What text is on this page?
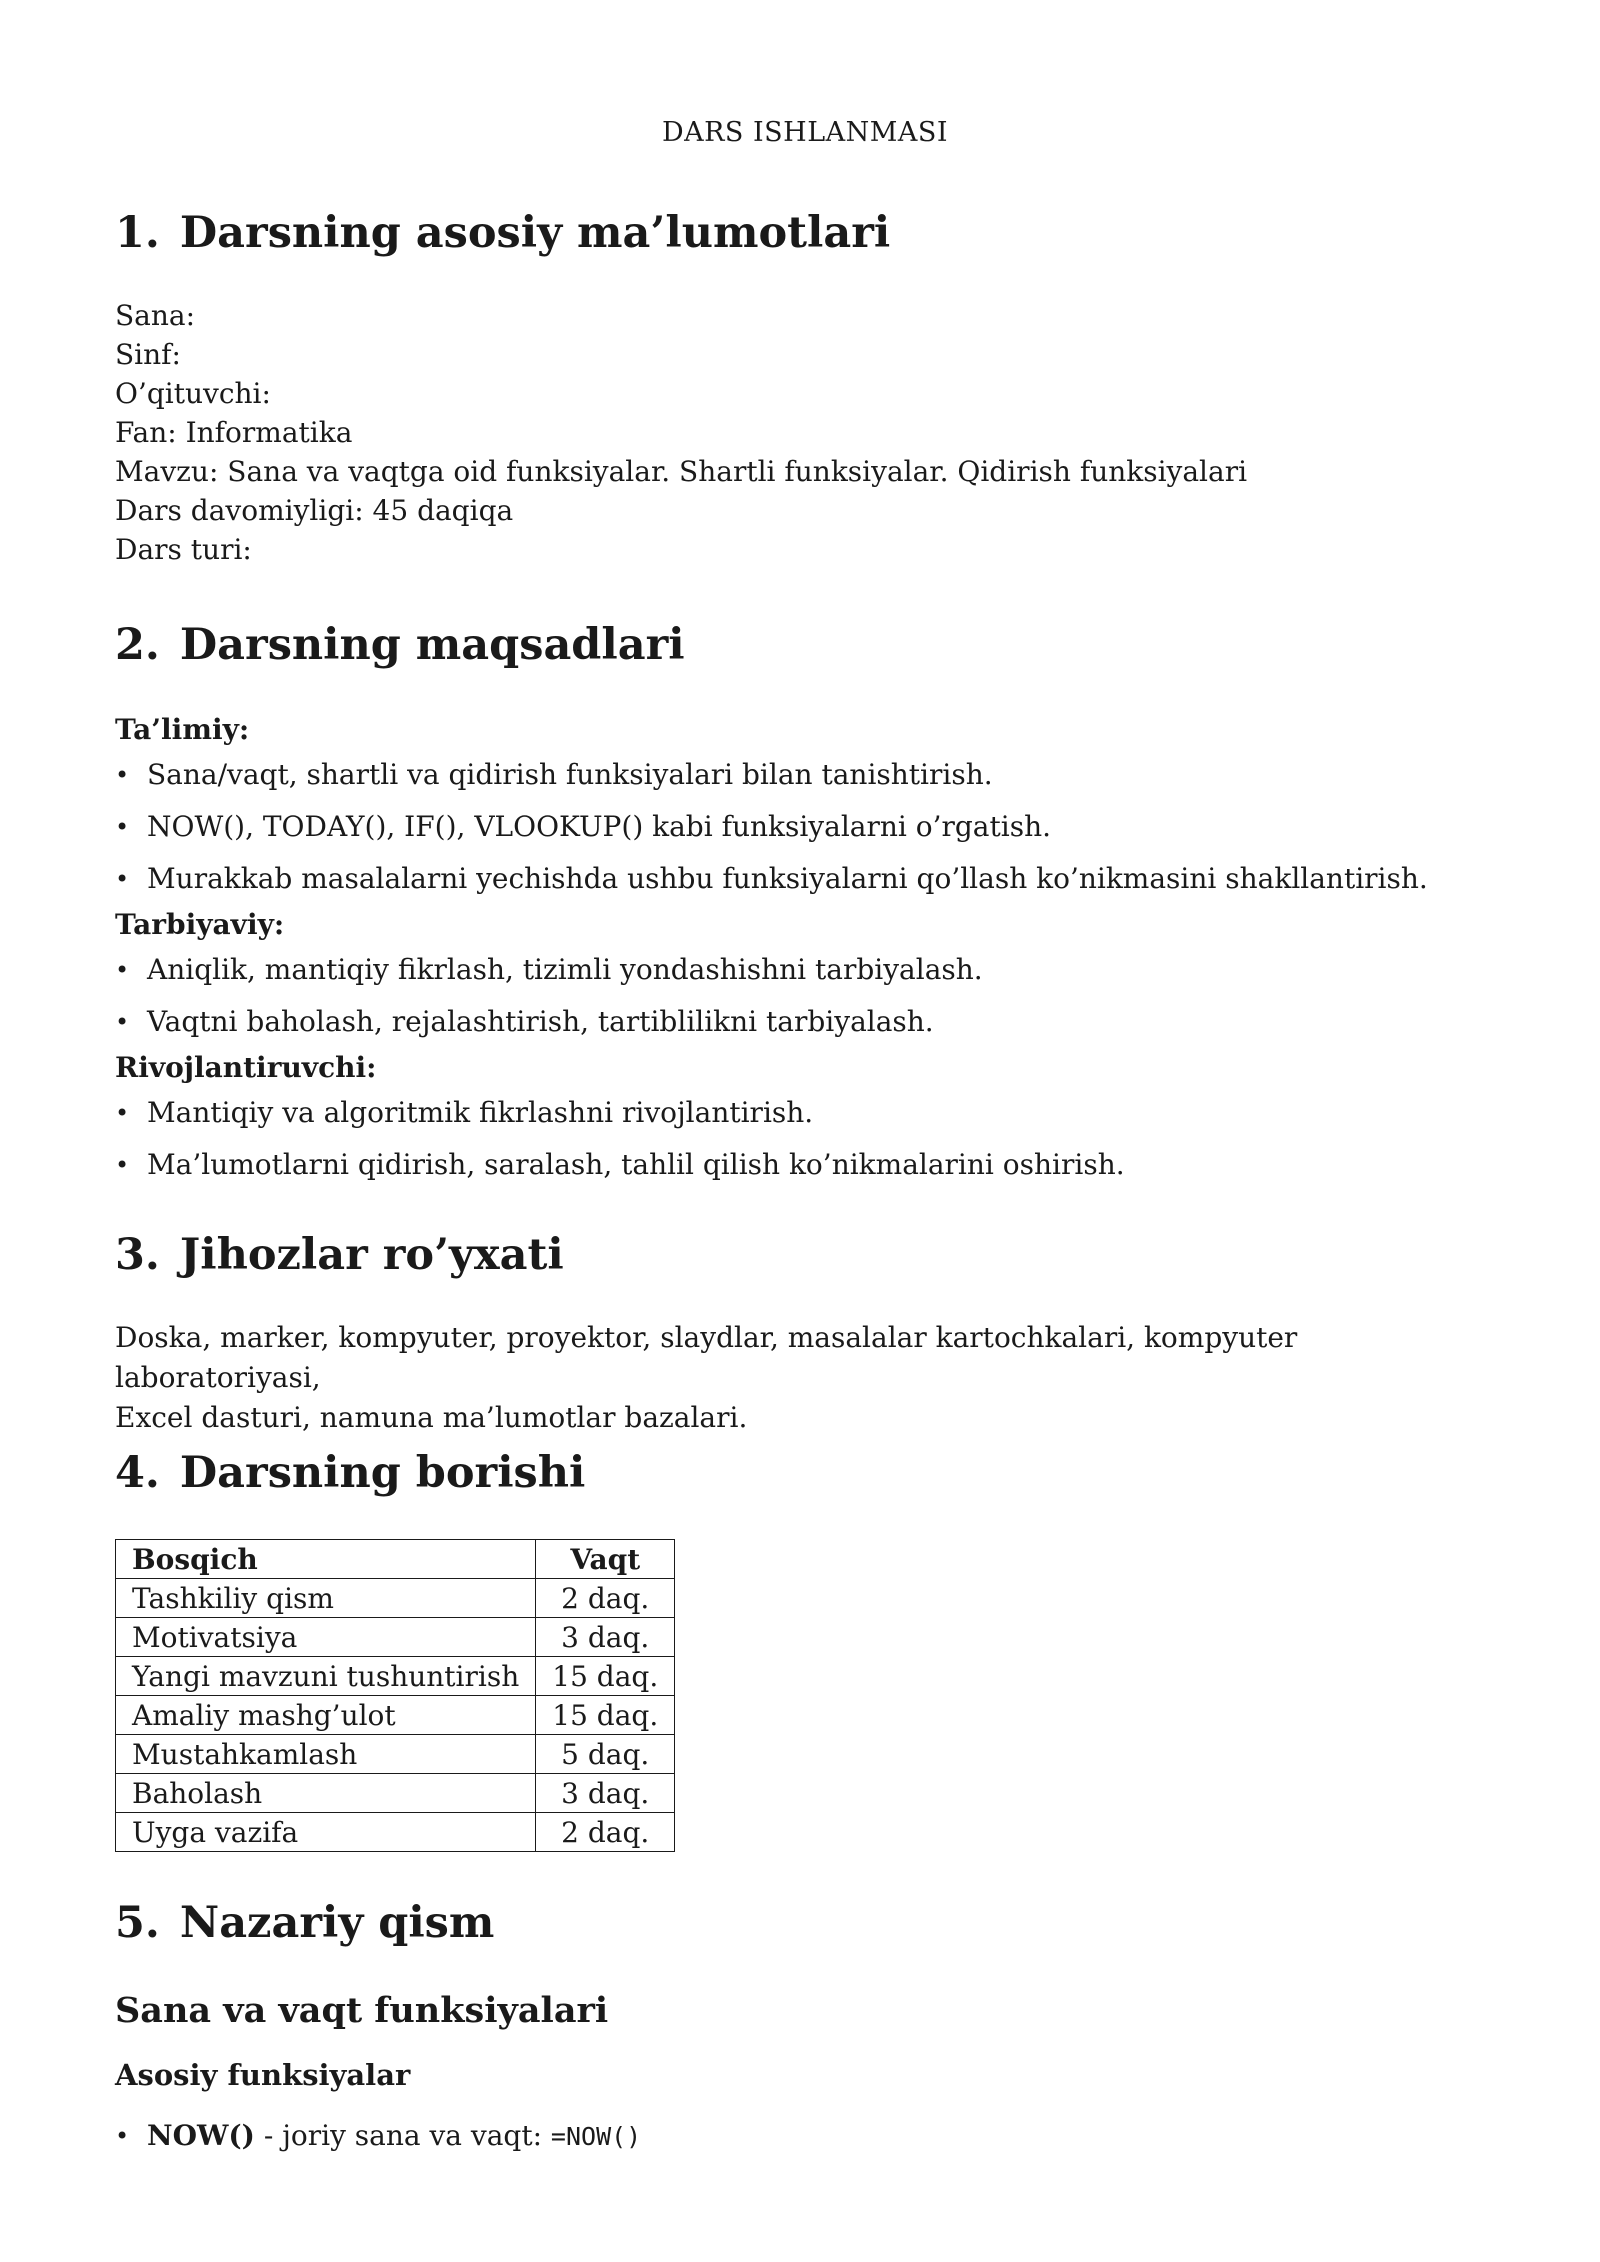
DARS ISHLANMASI
1. Darsning asosiy ma’lumotlari
Sana:
Sinf:
O’qituvchi:
Fan: Informatika
Mavzu: Sana va vaqtga oid funksiyalar. Shartli funksiyalar. Qidirish funksiyalari
Dars davomiyligi: 45 daqiqa
Dars turi:
2. Darsning maqsadlari
Ta’limiy:
• Sana/vaqt, shartli va qidirish funksiyalari bilan tanishtirish.
• NOW(), TODAY(), IF(), VLOOKUP() kabi funksiyalarni o’rgatish.
• Murakkab masalalarni yechishda ushbu funksiyalarni qo’llash ko’nikmasini shakllantirish.
Tarbiyaviy:
• Aniqlik, mantiqiy fikrlash, tizimli yondashishni tarbiyalash.
• Vaqtni baholash, rejalashtirish, tartiblilikni tarbiyalash.
Rivojlantiruvchi:
• Mantiqiy va algoritmik fikrlashni rivojlantirish.
• Ma’lumotlarni qidirish, saralash, tahlil qilish ko’nikmalarini oshirish.
3. Jihozlar ro’yxati
Doska, marker, kompyuter, proyektor, slaydlar, masalalar kartochkalari, kompyuter laboratoriyasi,
Excel dasturi, namuna ma’lumotlar bazalari.
4. Darsning borishi
Bosqich	Vaqt
Tashkiliy qism	2 daq.
Motivatsiya	3 daq.
Yangi mavzuni tushuntirish	15 daq.
Amaliy mashg’ulot	15 daq.
Mustahkamlash	5 daq.
Baholash	3 daq.
Uyga vazifa	2 daq.
5. Nazariy qism
Sana va vaqt funksiyalari
Asosiy funksiyalar
• NOW() - joriy sana va vaqt: =NOW()
